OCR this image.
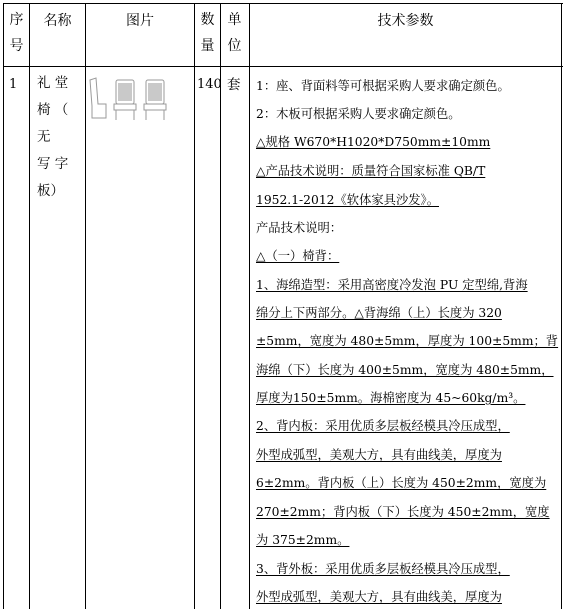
序
号
名称	图片	数
量
单
位
技术参数
1 礼 堂
椅 （ 无
写 字
板）
140 套 1：座、背面料等可根据采购人要求确定颜色。
2：木板可根据采购人要求确定颜色。
△规格 W670*H1020*D750mm±10mm
△产品技术说明：质量符合国家标准 QB/T
1952.1-2012《软体家具沙发》。
产品技术说明：
△（一）椅背：
1、海绵造型：采用高密度冷发泡 PU 定型绵,背海
绵分上下两部分。△背海绵（上）长度为 320
±5mm，宽度为 480±5mm，厚度为 100±5mm；背
海绵（下）长度为 400±5mm，宽度为 480±5mm，
厚度为150±5mm。海棉密度为 45~60kg/m³。
2、背内板：采用优质多层板经模具冷压成型，
外型成弧型，美观大方，具有曲线美，厚度为
6±2mm。背内板（上）长度为 450±2mm，宽度为
270±2mm；背内板（下）长度为 450±2mm，宽度
为 375±2mm。
3、背外板：采用优质多层板经模具冷压成型，
外型成弧型，美观大方，具有曲线美，厚度为
